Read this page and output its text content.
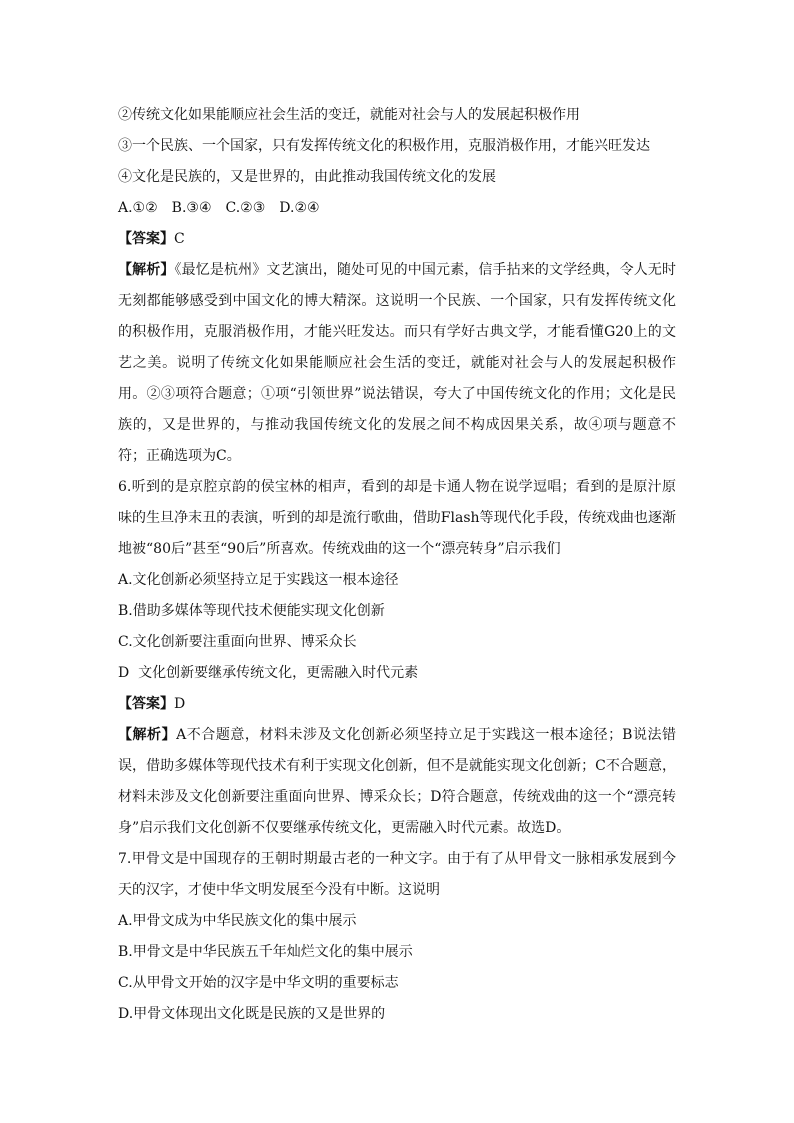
②传统文化如果能顺应社会生活的变迁，就能对社会与人的发展起积极作用
③一个民族、一个国家，只有发挥传统文化的积极作用，克服消极作用，才能兴旺发达
④文化是民族的，又是世界的，由此推动我国传统文化的发展
A.①②　B.③④　C.②③　D.②④
【答案】C
【解析】《最忆是杭州》文艺演出，随处可见的中国元素，信手拈来的文学经典，令人无时无刻都能够感受到中国文化的博大精深。这说明一个民族、一个国家，只有发挥传统文化的积极作用，克服消极作用，才能兴旺发达。而只有学好古典文学，才能看懂G20上的文艺之美。说明了传统文化如果能顺应社会生活的变迁，就能对社会与人的发展起积极作用。②③项符合题意；①项“引领世界”说法错误，夸大了中国传统文化的作用；文化是民族的，又是世界的，与推动我国传统文化的发展之间不构成因果关系，故④项与题意不符；正确选项为C。
6.听到的是京腔京韵的侯宝林的相声，看到的却是卡通人物在说学逗唱；看到的是原汁原味的生旦净末丑的表演，听到的却是流行歌曲，借助Flash等现代化手段，传统戏曲也逐渐地被“80后”甚至“90后”所喜欢。传统戏曲的这一个“漂亮转身”启示我们
A.文化创新必须坚持立足于实践这一根本途径
B.借助多媒体等现代技术便能实现文化创新
C.文化创新要注重面向世界、博采众长
D  文化创新要继承传统文化，更需融入时代元素
【答案】D
【解析】A不合题意，材料未涉及文化创新必须坚持立足于实践这一根本途径；B说法错误，借助多媒体等现代技术有利于实现文化创新，但不是就能实现文化创新；C不合题意，材料未涉及文化创新要注重面向世界、博采众长；D符合题意，传统戏曲的这一个“漂亮转身”启示我们文化创新不仅要继承传统文化，更需融入时代元素。故选D。
7.甲骨文是中国现存的王朝时期最古老的一种文字。由于有了从甲骨文一脉相承发展到今天的汉字，才使中华文明发展至今没有中断。这说明
A.甲骨文成为中华民族文化的集中展示
B.甲骨文是中华民族五千年灿烂文化的集中展示
C.从甲骨文开始的汉字是中华文明的重要标志
D.甲骨文体现出文化既是民族的又是世界的
